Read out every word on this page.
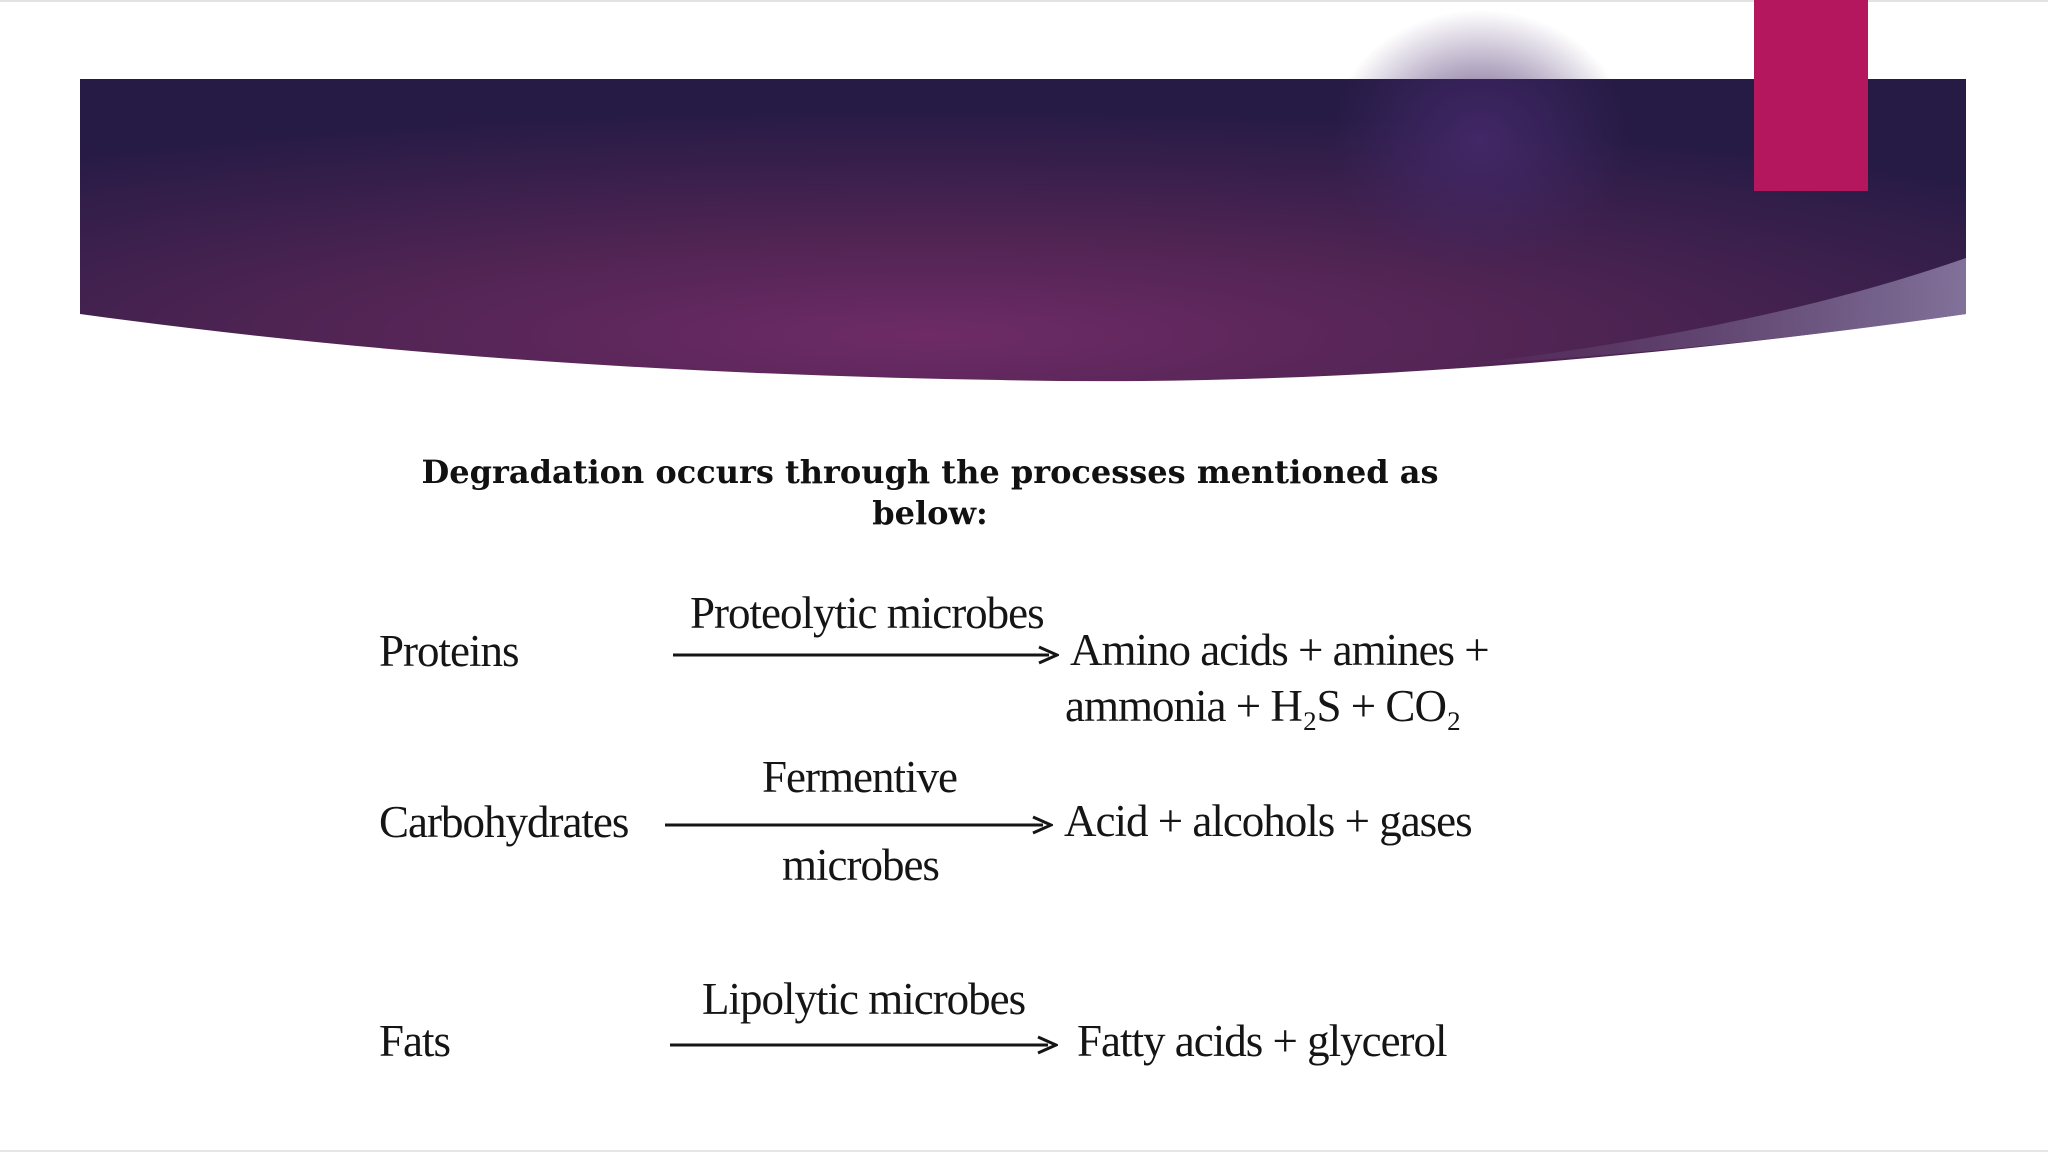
Degradation occurs through the processes mentioned as below:
Proteins
Proteolytic microbes
Amino acids + amines +
ammonia + H₂S + CO₂
Carbohydrates
Fermentive
microbes
Acid + alcohols + gases
Fats
Lipolytic microbes
Fatty acids + glycerol
